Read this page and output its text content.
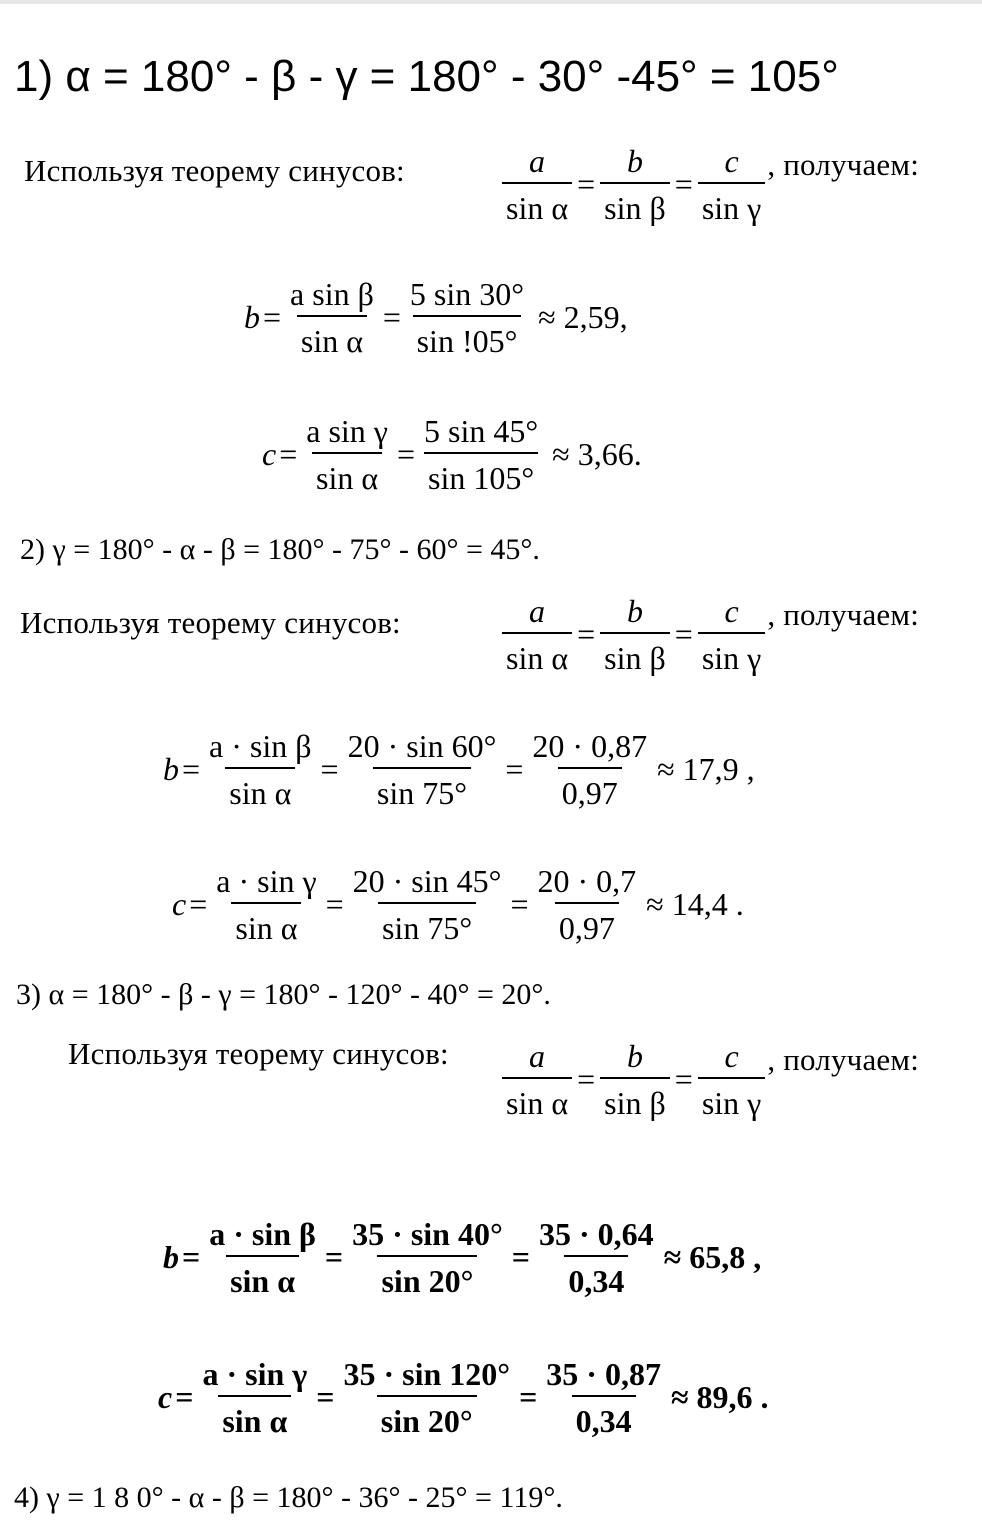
1) α = 180° - β - γ = 180° - 30° -45° = 105°
Используя теорему синусов:	$\frac{a}{\text{sin α}} = \frac{b}{\text{sin β}} = \frac{c}{\text{sin γ}}$ , получаем:
$b = \frac{\text{a sin β}}{\text{sin α}} = \frac{5 \sin 30^\circ}{\sin !05^\circ} \approx 2,59$,
$c = \frac{\text{a sin γ}}{\text{sin α}} = \frac{5 \sin 45^\circ}{\sin 105^\circ} \approx 3,66$.
2) γ = 180° - α - β = 180° - 75° - 60° = 45°.
Используя теорему синусов:	$\frac{a}{\text{sin α}} = \frac{b}{\text{sin β}} = \frac{c}{\text{sin γ}}$ , получаем:
$b = \frac{\text{a · sin β}}{\text{sin α}} = \frac{20 \cdot \sin 60^\circ}{\sin 75^\circ} = \frac{20 \cdot 0,87}{0,97} \approx 17,9$ ,
$c = \frac{\text{a · sin γ}}{\text{sin α}} = \frac{20 \cdot \sin 45^\circ}{\sin 75^\circ} = \frac{20 \cdot 0,7}{0,97} \approx 14,4$ .
3) α = 180° - β - γ = 180° - 120° - 40° = 20°.
Используя теорему синусов: $\frac{a}{\text{sin α}} = \frac{b}{\text{sin β}} = \frac{c}{\text{sin γ}}$ , получаем:
$b = \frac{\text{a · sin β}}{\text{sin α}} = \frac{35 \cdot \sin 40^\circ}{\sin 20^\circ} = \frac{35 \cdot 0,64}{0,34} \approx 65,8$ ,
$c = \frac{\text{a · sin γ}}{\text{sin α}} = \frac{35 \cdot \sin 120^\circ}{\sin 20^\circ} = \frac{35 \cdot 0,87}{0,34} \approx 89,6$ .
4) γ = 1 8 0° - α - β = 180° - 36° - 25° = 119°.
